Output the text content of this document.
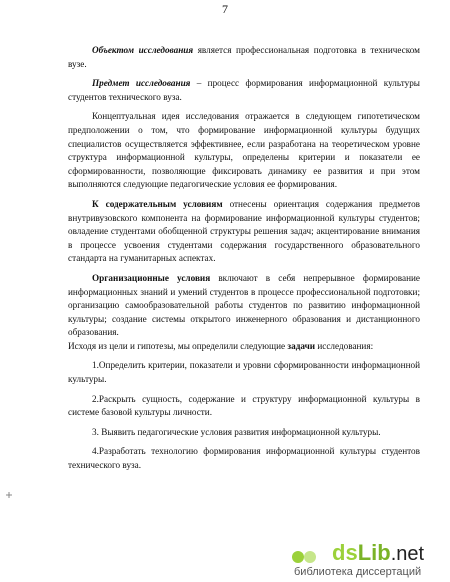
7

Объектом исследования является профессиональная подготовка в техническом вузе.

Предмет исследования – процесс формирования информационной культуры студентов технического вуза.

Концептуальная идея исследования отражается в следующем гипотетическом предположении о том, что формирование информационной культуры будущих специалистов осуществляется эффективнее, если разработана на теоретическом уровне структура информационной культуры, определены критерии и показатели ее сформированности, позволяющие фиксировать динамику ее развития и при этом выполняются следующие педагогические условия ее формирования.

К содержательным условиям отнесены ориентация содержания предметов внутривузовского компонента на формирование информационной культуры студентов; овладение студентами обобщенной структуры решения задач; акцентирование внимания в процессе усвоения студентами содержания государственного образовательного стандарта на гуманитарных аспектах.

Организационные условия включают в себя непрерывное формирование информационных знаний и умений студентов в процессе профессиональной подготовки; организацию самообразовательной работы студентов по развитию информационной культуры; создание системы открытого инженерного образования и дистанционного образования.

Исходя из цели и гипотезы, мы определили следующие задачи исследования:

1.Определить критерии, показатели и уровни сформированности информационной культуры.

2.Раскрыть сущность, содержание и структуру информационной культуры в системе базовой культуры личности.

3. Выявить педагогические условия развития информационной культуры.

4.Разработать технологию формирования информационной культуры студентов технического вуза.

dsLib.net
библиотека диссертаций
